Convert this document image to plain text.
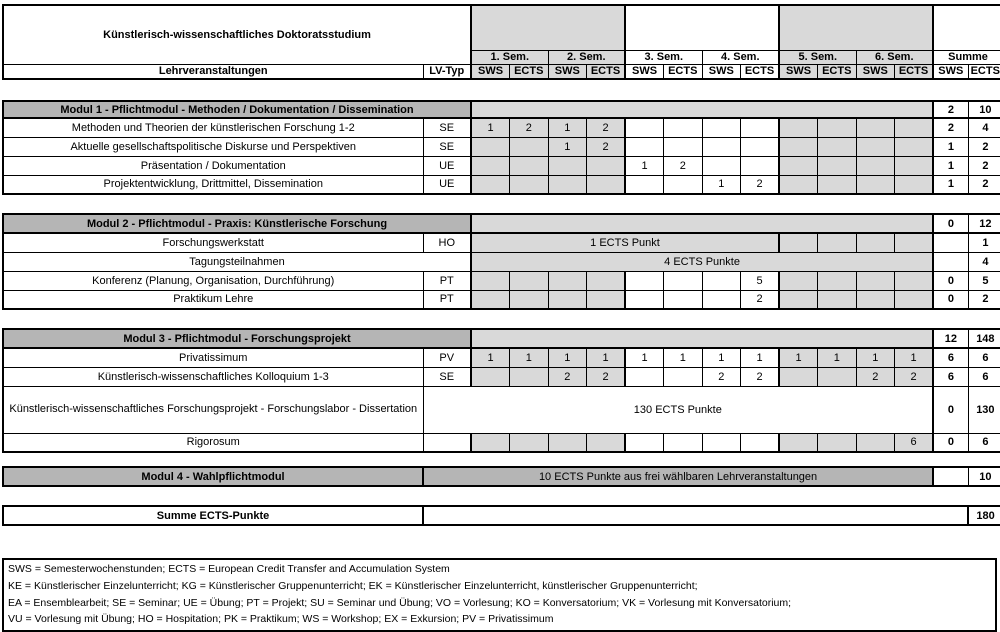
Künstlerisch-wissenschaftliches Doktoratsstudium															
		1. Sem.		2. Sem.		3. Sem.		4. Sem.		5. Sem.		6. Sem.		Summe	
Lehrveranstaltungen	LV-Typ	SWS	ECTS	SWS	ECTS	SWS	ECTS	SWS	ECTS	SWS	ECTS	SWS	ECTS	SWS	ECTS
Modul 1 - Pflichtmodul - Methoden / Dokumentation / Dissemination														2	10
Methoden und Theorien der künstlerischen Forschung 1-2	SE	1	2	1	2									2	4
Aktuelle gesellschaftspolitische Diskurse und Perspektiven	SE			1	2									1	2
Präsentation / Dokumentation	UE					1	2							1	2
Projektentwicklung, Drittmittel, Dissemination	UE							1	2					1	2
Modul 2 - Pflichtmodul - Praxis: Künstlerische Forschung														0	12
Forschungswerkstatt	HO	1 ECTS Punkt													1
Tagungsteilnahmen		4 ECTS Punkte													4
Konferenz (Planung, Organisation, Durchführung)	PT								5					0	5
Praktikum Lehre	PT								2					0	2
Modul 3 - Pflichtmodul - Forschungsprojekt														12	148
Privatissimum	PV	1	1	1	1	1	1	1	1	1	1	1	1	6	6
Künstlerisch-wissenschaftliches Kolloquium 1-3	SE			2	2			2	2			2	2	6	6
Künstlerisch-wissenschaftliches Forschungsprojekt - Forschungslabor - Dissertation	130 ECTS Punkte													0	130
Rigorosum													6	0	6
Modul 4 - Wahlpflichtmodul	10 ECTS Punkte aus frei wählbaren Lehrveranstaltungen		10
Summe ECTS-Punkte		180
SWS = Semesterwochenstunden; ECTS = European Credit Transfer and Accumulation System
KE = Künstlerischer Einzelunterricht; KG = Künstlerischer Gruppenunterricht; EK = Künstlerischer Einzelunterricht, künstlerischer Gruppenunterricht;
EA = Ensemblearbeit; SE = Seminar; UE = Übung; PT = Projekt; SU = Seminar und Übung; VO = Vorlesung; KO = Konversatorium; VK = Vorlesung mit Konversatorium;
VU = Vorlesung mit Übung; HO = Hospitation; PK = Praktikum; WS = Workshop; EX = Exkursion; PV = Privatissimum
